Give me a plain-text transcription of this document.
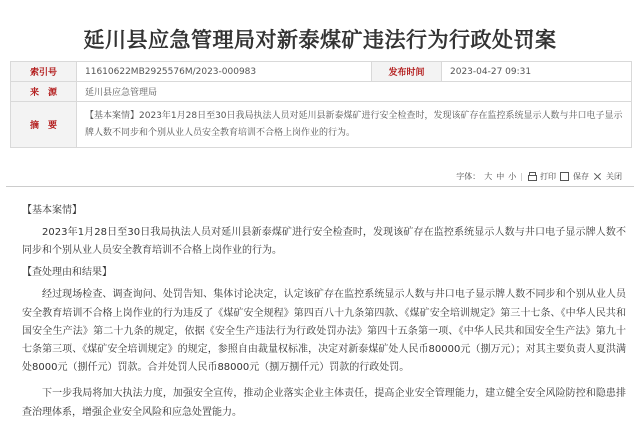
延川县应急管理局对新泰煤矿违法行为行政处罚案
索引号	11610622MB2925576M/2023-000983	发布时间	2023-04-27 09:31
来　源	延川县应急管理局		
摘　要	【基本案情】2023年1月28日至30日我局执法人员对延川县新泰煤矿进行安全检查时，发现该矿存在监控系统显示人数与井口电子显示牌人数不同步和个别从业人员安全教育培训不合格上岗作业的行为。		
字体： 大 中 小 | 打印 保存 关闭
【基本案情】
2023年1月28日至30日我局执法人员对延川县新泰煤矿进行安全检查时，发现该矿存在监控系统显示人数与井口电子显示牌人数不同步和个别从业人员安全教育培训不合格上岗作业的行为。
【查处理由和结果】
经过现场检查、调查询问、处罚告知、集体讨论决定，认定该矿存在监控系统显示人数与井口电子显示牌人数不同步和个别从业人员安全教育培训不合格上岗作业的行为违反了《煤矿安全规程》第四百八十九条第四款、《煤矿安全培训规定》第三十七条、《中华人民共和国安全生产法》第二十九条的规定，依据《安全生产违法行为行政处罚办法》第四十五条第一项、《中华人民共和国安全生产法》第九十七条第三项、《煤矿安全培训规定》的规定，参照自由裁量权标准，决定对新泰煤矿处人民币80000元（捌万元）；对其主要负责人夏洪满处8000元（捌仟元）罚款。合并处罚人民币88000元（捌万捌仟元）罚款的行政处罚。
下一步我局将加大执法力度，加强安全宣传，推动企业落实企业主体责任，提高企业安全管理能力，建立健全安全风险防控和隐患排查治理体系，增强企业安全风险和应急处置能力。
